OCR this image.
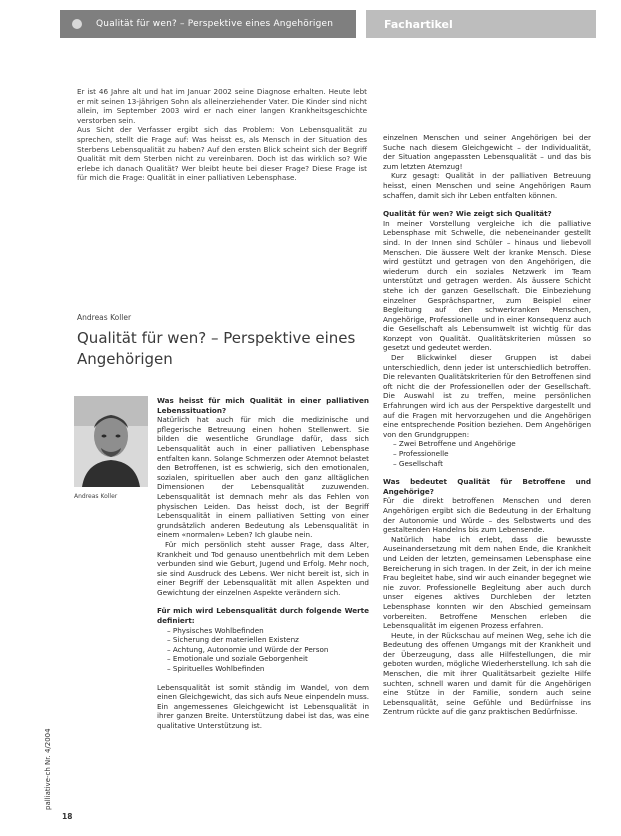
Qualität für wen? – Perspektive eines Angehörigen	Fachartikel

Er ist 46 Jahre alt und hat im Januar 2002 seine Diagnose erhalten. Heute lebt er mit seinen 13-jährigen Sohn als alleinerziehender Vater. Die Kinder sind nicht allein, im September 2003 wird er nach einer langen Krankheitsgeschichte verstorben sein.

Aus Sicht der Verfasser ergibt sich das Problem: Von Lebensqualität zu sprechen, stellt die Frage auf: Was heisst es, als Mensch in der Situation des Sterbens Lebensqualität zu haben? Auf den ersten Blick scheint sich der Begriff Qualität mit dem Sterben nicht zu vereinbaren. Doch ist das wirklich so? Wie erlebe ich danach Qualität? Wer bleibt heute bei dieser Frage? Diese Frage ist für mich die Frage: Qualität in einer palliativen Lebensphase.

Andreas Koller
Qualität für wen? – Perspektive eines Angehörigen
Andreas Koller

Was heisst für mich Qualität in einer palliativen Lebenssituation?

Natürlich hat auch für mich die medizinische und pflegerische Betreuung einen hohen Stellenwert. Sie bilden die wesentliche Grundlage dafür, dass sich Lebensqualität auch in einer palliativen Lebensphase entfalten kann. Solange Schmerzen oder Atemnot belastet den Betroffenen, ist es schwierig, sich den emotionalen, sozialen, spirituellen aber auch den ganz alltäglichen Dimensionen der Lebensqualität zuzuwenden. Lebensqualität ist demnach mehr als das Fehlen von physischen Leiden. Das heisst doch, ist der Begriff Lebensqualität in einem palliativen Setting von einer grundsätzlich anderen Bedeutung als Lebensqualität in einem «normalen» Leben? Ich glaube nein.

Für mich persönlich steht ausser Frage, dass Alter, Krankheit und Tod genauso unentbehrlich mit dem Leben verbunden sind wie Geburt, Jugend und Erfolg. Mehr noch, sie sind Ausdruck des Lebens. Wer nicht bereit ist, sich in einer Begriff der Lebensqualität mit allen Aspekten und Gewichtung der einzelnen Aspekte verändern sich.

Für mich wird Lebensqualität durch folgende Werte definiert:

– Physisches Wohlbefinden
– Sicherung der materiellen Existenz
– Achtung, Autonomie und Würde der Person
– Emotionale und soziale Geborgenheit
– Spirituelles Wohlbefinden

Lebensqualität ist somit ständig im Wandel, von dem einen Gleichgewicht, das sich aufs Neue einpendeln muss. Ein angemessenes Gleichgewicht ist Lebensqualität in ihrer ganzen Breite. Unterstützung dabei ist das, was eine qualitative Unterstützung ist.

einzelnen Menschen und seiner Angehörigen bei der Suche nach diesem Gleichgewicht – der Individualität, der Situation angepassten Lebensqualität – und das bis zum letzten Atemzug!

Kurz gesagt: Qualität in der palliativen Betreuung heisst, einen Menschen und seine Angehörigen Raum schaffen, damit sich ihr Leben entfalten können.

Qualität für wen? Wie zeigt sich Qualität?

In meiner Vorstellung vergleiche ich die palliative Lebensphase mit Schwelle, die nebeneinander gestellt sind. In der Innen sind Schüler – hinaus und liebevoll Menschen. Die äussere Welt der kranke Mensch. Diese wird gestützt und getragen von den Angehörigen, die wiederum durch ein soziales Netzwerk im Team unterstützt und getragen werden. Als äussere Schicht stehe ich der ganzen Gesellschaft. Die Einbeziehung einzelner Gesprächspartner, zum Beispiel einer Begleitung auf den schwerkranken Menschen, Angehörige, Professionelle und in einer Konsequenz auch die Gesellschaft als Lebensumwelt ist wichtig für das Konzept von Qualität. Qualitätskriterien müssen so gesetzt und gedeutet werden.

Der Blickwinkel dieser Gruppen ist dabei unterschiedlich, denn jeder ist unterschiedlich betroffen. Die relevanten Qualitätskriterien für den Betroffenen sind oft nicht die der Professionellen oder der Gesellschaft. Die Auswahl ist zu treffen, meine persönlichen Erfahrungen wird ich aus der Perspektive dargestellt und auf die Fragen mit hervorzugehen und die Angehörigen eine entsprechende Position beziehen. Dem Angehörigen von den Grundgruppen:

– Zwei Betroffene und Angehörige
– Professionelle
– Gesellschaft

Was bedeutet Qualität für Betroffene und Angehörige?

Für die direkt betroffenen Menschen und deren Angehörigen ergibt sich die Bedeutung in der Erhaltung der Autonomie und Würde – des Selbstwerts und des gestaltenden Handelns bis zum Lebensende.

Natürlich habe ich erlebt, dass die bewusste Auseinandersetzung mit dem nahen Ende, die Krankheit und Leiden der letzten, gemeinsamen Lebensphase eine Bereicherung in sich tragen. In der Zeit, in der ich meine Frau begleitet habe, sind wir auch einander begegnet wie nie zuvor. Professionelle Begleitung aber auch durch unser eigenes aktives Durchleben der letzten Lebensphase konnten wir den Abschied gemeinsam vorbereiten. Betroffene Menschen erleben die Lebensqualität im eigenen Prozess erfahren.

Heute, in der Rückschau auf meinen Weg, sehe ich die Bedeutung des offenen Umgangs mit der Krankheit und der Überzeugung, dass alle Hilfestellungen, die mir geboten wurden, mögliche Wiederherstellung. Ich sah die Menschen, die mit ihrer Qualitätsarbeit gezielte Hilfe suchten, schnell waren und damit für die Angehörigen eine Stütze in der Familie, sondern auch seine Lebensqualität, seine Gefühle und Bedürfnisse ins Zentrum rückte auf die ganz praktischen Bedürfnisse.

palliative-ch Nr. 4/2004
18
